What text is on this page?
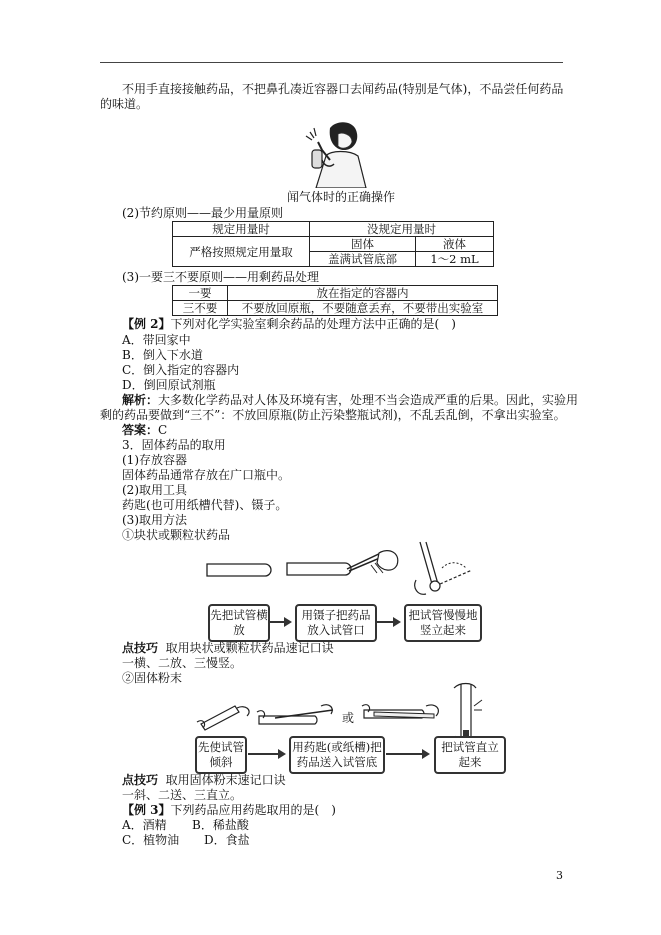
不用手直接接触药品，不把鼻孔凑近容器口去闻药品(特别是气体)，不品尝任何药品
的味道。
闻气体时的正确操作
(2)节约原则——最少用量原则
规定用量时	没规定用量时	
严格按照规定用量取	固体	液体
	盖满试管底部	1～2 mL
(3)一要三不要原则——用剩药品处理
一要	放在指定的容器内
三不要	不要放回原瓶，不要随意丢弃，不要带出实验室
【例 2】下列对化学实验室剩余药品的处理方法中正确的是(　)
A．带回家中
B．倒入下水道
C．倒入指定的容器内
D．倒回原试剂瓶
解析：大多数化学药品对人体及环境有害，处理不当会造成严重的后果。因此，实验用
剩的药品要做到“三不”：不放回原瓶(防止污染整瓶试剂)，不乱丢乱倒，不拿出实验室。
答案：C
3．固体药品的取用
(1)存放容器
固体药品通常存放在广口瓶中。
(2)取用工具
药匙(也可用纸槽代替)、镊子。
(3)取用方法
①块状或颗粒状药品
先把试管横放
用镊子把药品放入试管口
把试管慢慢地竖立起来
点技巧 取用块状或颗粒状药品速记口诀
一横、二放、三慢竖。
②固体粉末
或
先使试管倾斜
用药匙(或纸槽)把药品送入试管底
把试管直立起来
点技巧 取用固体粉末速记口诀
一斜、二送、三直立。
【例 3】下列药品应用药匙取用的是(　)
A．酒精 B．稀盐酸
C．植物油 D．食盐
3
